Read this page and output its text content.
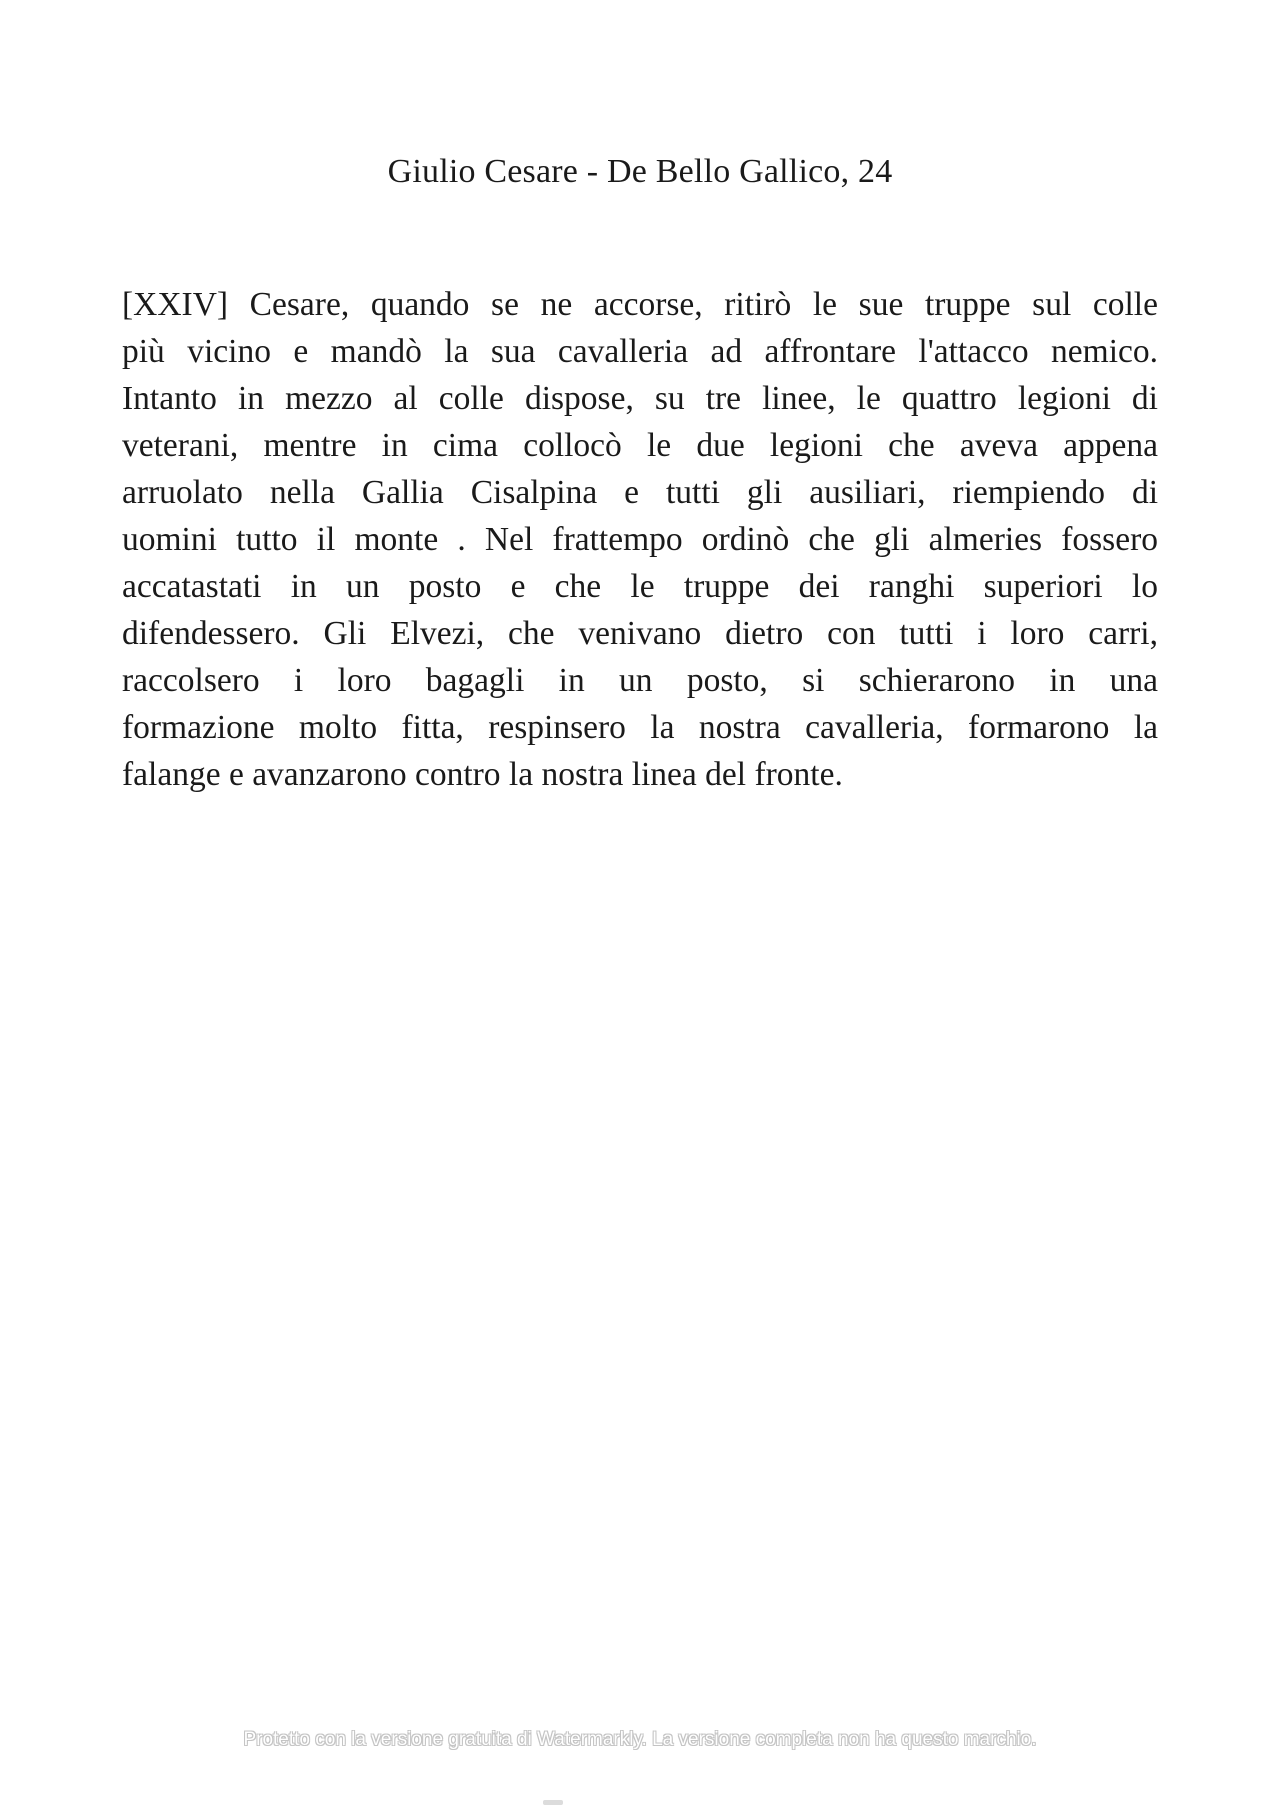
Giulio Cesare - De Bello Gallico, 24
[XXIV] Cesare, quando se ne accorse, ritirò le sue truppe sul colle
più vicino e mandò la sua cavalleria ad affrontare l'attacco nemico.
Intanto in mezzo al colle dispose, su tre linee, le quattro legioni di
veterani, mentre in cima collocò le due legioni che aveva appena
arruolato nella Gallia Cisalpina e tutti gli ausiliari, riempiendo di
uomini tutto il monte . Nel frattempo ordinò che gli almeries fossero
accatastati in un posto e che le truppe dei ranghi superiori lo
difendessero. Gli Elvezi, che venivano dietro con tutti i loro carri,
raccolsero i loro bagagli in un posto, si schierarono in una
formazione molto fitta, respinsero la nostra cavalleria, formarono la
falange e avanzarono contro la nostra linea del fronte.
Protetto con la versione gratuita di Watermarkly. La versione completa non ha questo marchio.
